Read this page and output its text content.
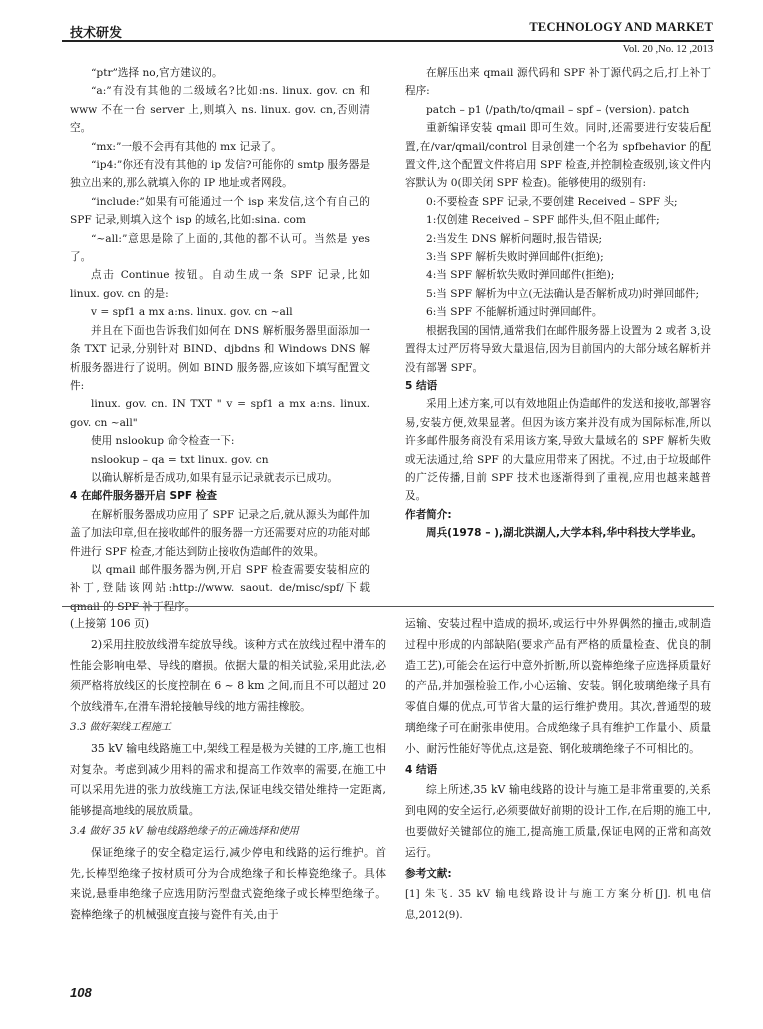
技术研发	TECHNOLOGY AND MARKET
Vol. 20 ,No. 12 ,2013

“ptr”选择 no,官方建议的。

“a:”有没有其他的二级域名?比如:ns. linux. gov. cn 和 www 不在一台 server 上,则填入 ns. linux. gov. cn,否则清空。

“mx:”一般不会再有其他的 mx 记录了。

“ip4:”你还有没有其他的 ip 发信?可能你的 smtp 服务器是独立出来的,那么就填入你的 IP 地址或者网段。

“include:”如果有可能通过一个 isp 来发信,这个有自己的 SPF 记录,则填入这个 isp 的域名,比如:sina. com

“~all:”意思是除了上面的,其他的都不认可。当然是 yes 了。

点击 Continue 按钮。自动生成一条 SPF 记录,比如 linux. gov. cn 的是:

v = spf1 a mx a:ns. linux. gov. cn ~all

并且在下面也告诉我们如何在 DNS 解析服务器里面添加一条 TXT 记录,分别针对 BIND、djbdns 和 Windows DNS 解析服务器进行了说明。例如 BIND 服务器,应该如下填写配置文件:

linux. gov. cn. IN TXT " v = spf1 a mx a:ns. linux. gov. cn ~all"

使用 nslookup 命令检查一下:

nslookup – qa = txt linux. gov. cn

以确认解析是否成功,如果有显示记录就表示已成功。

4 在邮件服务器开启 SPF 检查

在解析服务器成功应用了 SPF 记录之后,就从源头为邮件加盖了加法印章,但在接收邮件的服务器一方还需要对应的功能对邮件进行 SPF 检查,才能达到防止接收伪造邮件的效果。

以 qmail 邮件服务器为例,开启 SPF 检查需要安装相应的补丁,登陆该网站:http://www. saout. de/misc/spf/下载 qmail 的 SPF 补丁程序。

在解压出来 qmail 源代码和 SPF 补丁源代码之后,打上补丁程序:

patch – p1 ⟨/path/to/qmail – spf – ⟨version⟩. patch

重新编译安装 qmail 即可生效。同时,还需要进行安装后配置,在/var/qmail/control 目录创建一个名为 spfbehavior 的配置文件,这个配置文件将启用 SPF 检查,并控制检查级别,该文件内容默认为 0(即关闭 SPF 检查)。能够使用的级别有:

0:不要检查 SPF 记录,不要创建 Received – SPF 头;

1:仅创建 Received – SPF 邮件头,但不阻止邮件;

2:当发生 DNS 解析问题时,报告错误;

3:当 SPF 解析失败时弹回邮件(拒绝);

4:当 SPF 解析软失败时弹回邮件(拒绝);

5:当 SPF 解析为中立(无法确认是否解析成功)时弹回邮件;

6:当 SPF 不能解析通过时弹回邮件。

根据我国的国情,通常我们在邮件服务器上设置为 2 或者 3,设置得太过严厉将导致大量退信,因为目前国内的大部分域名解析并没有部署 SPF。

5 结语

采用上述方案,可以有效地阻止伪造邮件的发送和接收,部署容易,安装方便,效果显著。但因为该方案并没有成为国际标准,所以许多邮件服务商没有采用该方案,导致大量域名的 SPF 解析失败或无法通过,给 SPF 的大量应用带来了困扰。不过,由于垃圾邮件的广泛传播,目前 SPF 技术也逐渐得到了重视,应用也越来越普及。

作者简介:

周兵(1978 – ),湖北洪湖人,大学本科,华中科技大学毕业。

(上接第 106 页)

2)采用拄胶放线滑车绽放导线。该种方式在放线过程中滑车的性能会影响电晕、导线的磨损。依据大量的相关试验,采用此法,必须严格将放线区的长度控制在 6 ~ 8 km 之间,而且不可以超过 20 个放线滑车,在滑车滑轮接触导线的地方需挂橡胶。

3.3 做好架线工程施工

35 kV 输电线路施工中,架线工程是极为关键的工序,施工也相对复杂。考虑到减少用料的需求和提高工作效率的需要,在施工中可以采用先进的张力放线施工方法,保证电线交错处维持一定距离,能够提高地线的展放质量。

3.4 做好 35 kV 输电线路绝缘子的正确选择和使用

保证绝缘子的安全稳定运行,减少停电和线路的运行维护。首先,长棒型绝缘子按材质可分为合成绝缘子和长棒瓷绝缘子。具体来说,悬垂串绝缘子应选用防污型盘式瓷绝缘子或长棒型绝缘子。瓷棒绝缘子的机械强度直接与瓷件有关,由于

运输、安装过程中造成的损坏,或运行中外界偶然的撞击,或制造过程中形成的内部缺陷(要求产品有严格的质量检查、优良的制造工艺),可能会在运行中意外折断,所以瓷棒绝缘子应选择质量好的产品,并加强检验工作,小心运输、安装。钢化玻璃绝缘子具有零值自爆的优点,可节省大量的运行维护费用。其次,普通型的玻璃绝缘子可在耐张串使用。合成绝缘子具有维护工作量小、质量小、耐污性能好等优点,这是瓷、钢化玻璃绝缘子不可相比的。

4 结语

综上所述,35 kV 输电线路的设计与施工是非常重要的,关系到电网的安全运行,必须要做好前期的设计工作,在后期的施工中,也要做好关键部位的施工,提高施工质量,保证电网的正常和高效运行。

参考文献:

[1] 朱飞. 35 kV 输电线路设计与施工方案分析[J]. 机电信息,2012(9).

108
